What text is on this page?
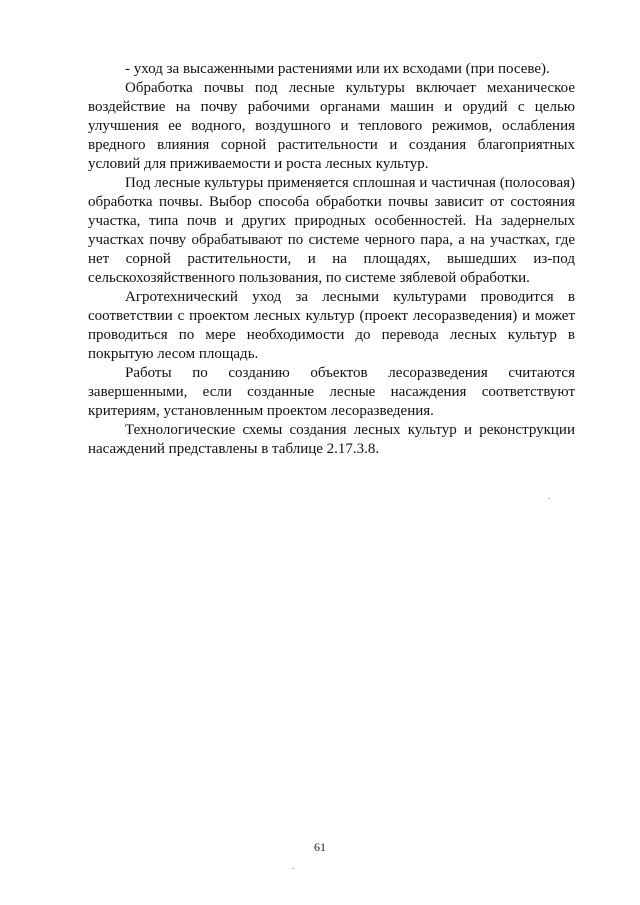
- уход за высаженными растениями или их всходами (при посеве).

Обработка почвы под лесные культуры включает механическое воздействие на почву рабочими органами машин и орудий с целью улучшения ее водного, воздушного и теплового режимов, ослабления вредного влияния сорной растительности и создания благоприятных условий для приживаемости и роста лесных культур.

Под лесные культуры применяется сплошная и частичная (полосовая) обработка почвы. Выбор способа обработки почвы зависит от состояния участка, типа почв и других природных особенностей. На задернелых участках почву обрабатывают по системе черного пара, а на участках, где нет сорной растительности, и на площадях, вышедших из-под сельскохозяйственного пользования, по системе зяблевой обработки.

Агротехнический уход за лесными культурами проводится в соответствии с проектом лесных культур (проект лесоразведения) и может проводиться по мере необходимости до перевода лесных культур в покрытую лесом площадь.

Работы по созданию объектов лесоразведения считаются завершенными, если созданные лесные насаждения соответствуют критериям, установленным проектом лесоразведения.

Технологические схемы создания лесных культур и реконструкции насаждений представлены в таблице 2.17.3.8.

61
